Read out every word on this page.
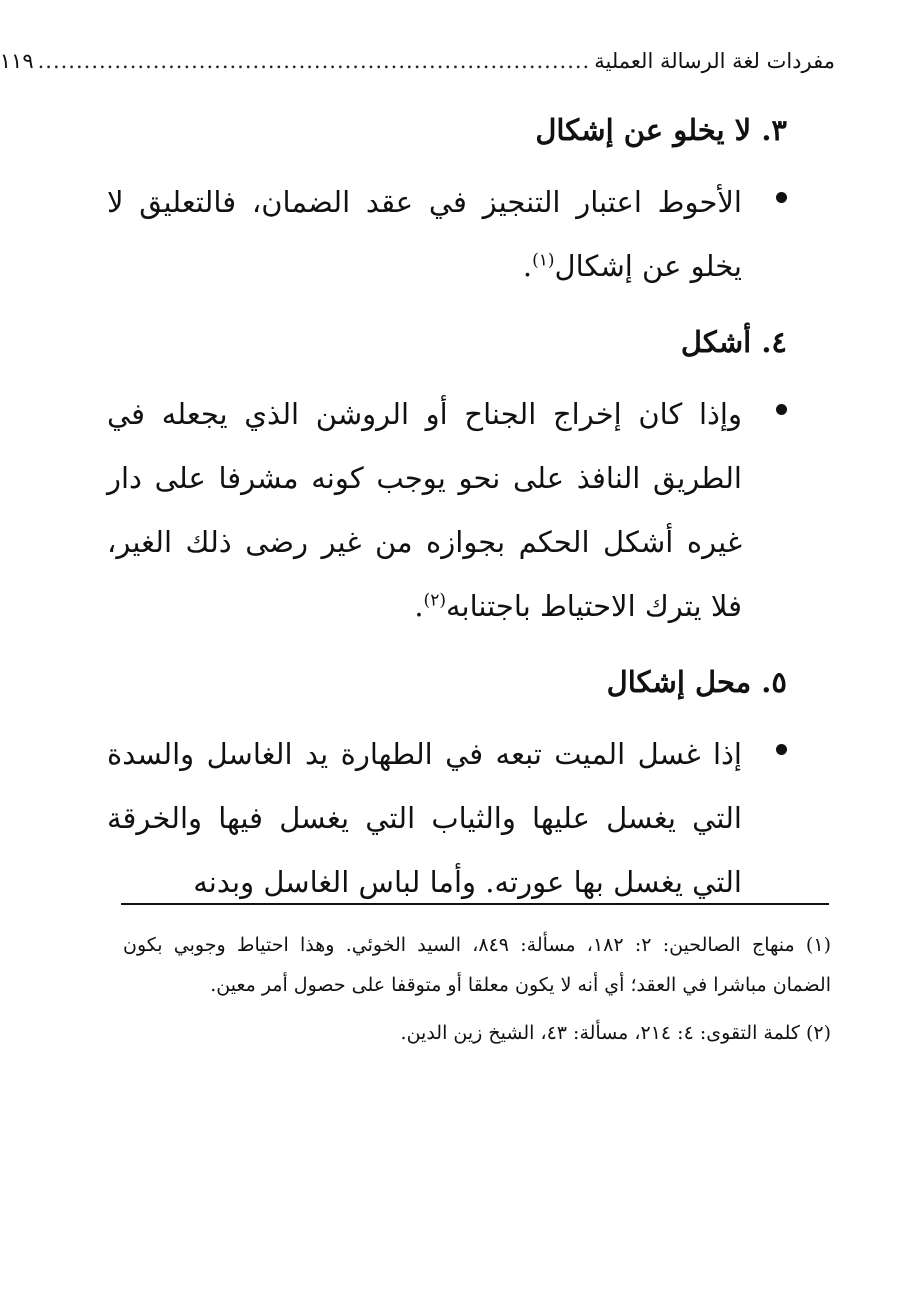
مفردات لغة الرسالة العملية
........................................................................
١١٩
٣. لا يخلو عن إشكال
الأحوط اعتبار التنجيز في عقد الضمان، فالتعليق لا يخلو عن إشكال$^{(١)}$.
٤. أشكل
وإذا كان إخراج الجناح أو الروشن الذي يجعله في الطريق النافذ على نحو يوجب كونه مشرفا على دار غيره أشكل الحكم بجوازه من غير رضى ذلك الغير، فلا يترك الاحتياط باجتنابه$^{(٢)}$.
٥. محل إشكال
إذا غسل الميت تبعه في الطهارة يد الغاسل والسدة التي يغسل عليها والثياب التي يغسل فيها والخرقة التي يغسل بها عورته. وأما لباس الغاسل وبدنه

(١) منهاج الصالحين: ٢: ١٨٢، مسألة: ٨٤٩، السيد الخوئي. وهذا احتياط وجوبي بكون الضمان مباشرا في العقد؛ أي أنه لا يكون معلقا أو متوقفا على حصول أمر معين.

(٢) كلمة التقوى: ٤: ٢١٤، مسألة: ٤٣، الشيخ زين الدين.
